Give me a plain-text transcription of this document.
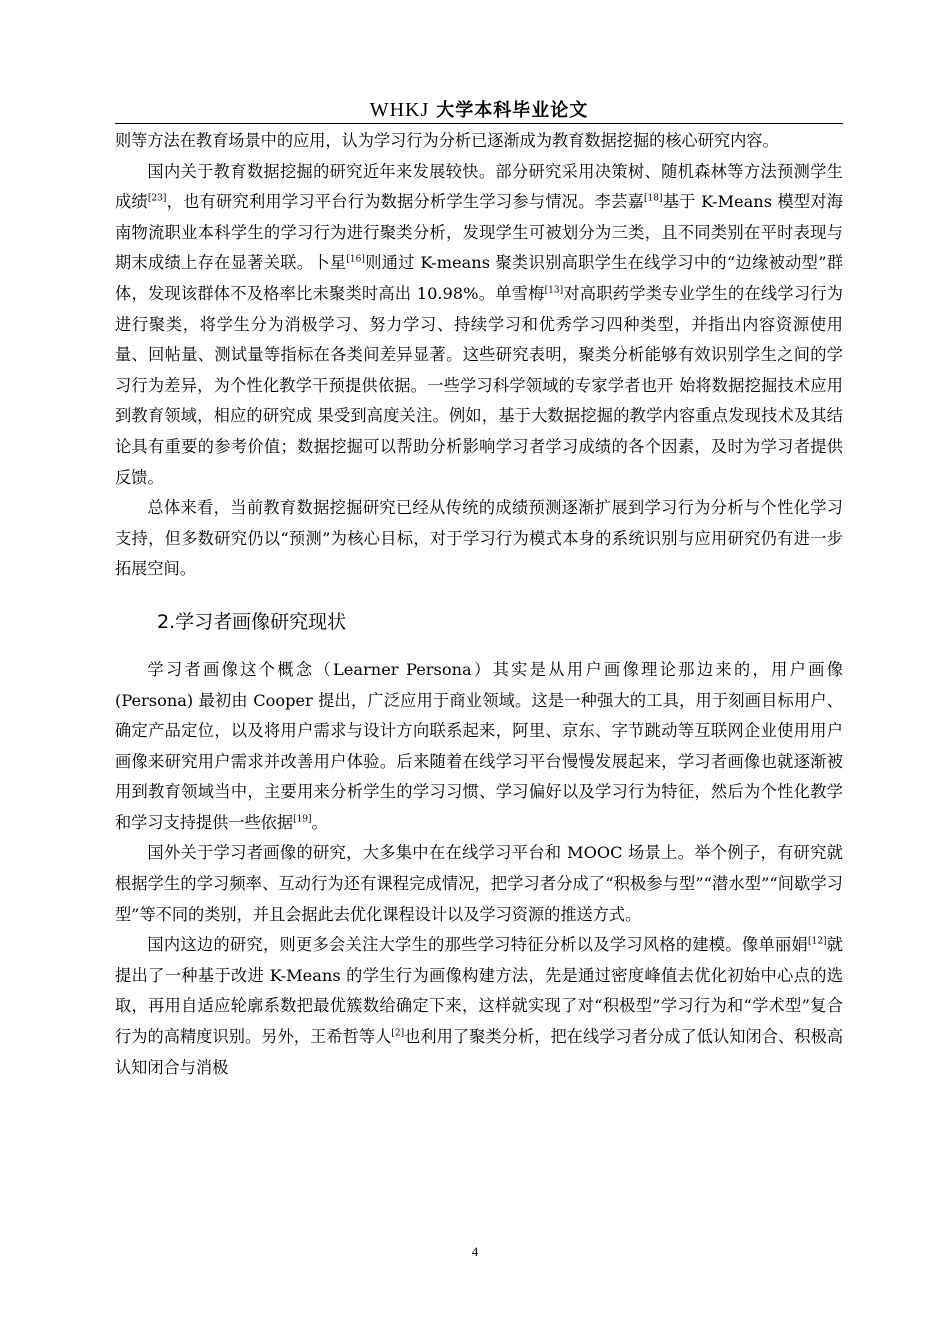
WHKJ 大学本科毕业论文

则等方法在教育场景中的应用，认为学习行为分析已逐渐成为教育数据挖掘的核心研究内容。

国内关于教育数据挖掘的研究近年来发展较快。部分研究采用决策树、随机森林等方法预测学生成绩[23]，也有研究利用学习平台行为数据分析学生学习参与情况。李芸嘉[18]基于 K-Means 模型对海南物流职业本科学生的学习行为进行聚类分析，发现学生可被划分为三类，且不同类别在平时表现与期末成绩上存在显著关联。卜星[16]则通过 K-means 聚类识别高职学生在线学习中的“边缘被动型”群体，发现该群体不及格率比未聚类时高出 10.98%。单雪梅[13]对高职药学类专业学生的在线学习行为进行聚类，将学生分为消极学习、努力学习、持续学习和优秀学习四种类型，并指出内容资源使用量、回帖量、测试量等指标在各类间差异显著。这些研究表明，聚类分析能够有效识别学生之间的学习行为差异，为个性化教学干预提供依据。一些学习科学领域的专家学者也开 始将数据挖掘技术应用到教育领域，相应的研究成 果受到高度关注。例如，基于大数据挖掘的教学内容重点发现技术及其结论具有重要的参考价值；数据挖掘可以帮助分析影响学习者学习成绩的各个因素，及时为学习者提供反馈。

总体来看，当前教育数据挖掘研究已经从传统的成绩预测逐渐扩展到学习行为分析与个性化学习支持，但多数研究仍以“预测”为核心目标，对于学习行为模式本身的系统识别与应用研究仍有进一步拓展空间。

2.学习者画像研究现状

学习者画像这个概念（Learner Persona）其实是从用户画像理论那边来的，用户画像(Persona) 最初由 Cooper 提出，广泛应用于商业领域。这是一种强大的工具，用于刻画目标用户、确定产品定位，以及将用户需求与设计方向联系起来，阿里、京东、字节跳动等互联网企业使用用户画像来研究用户需求并改善用户体验。后来随着在线学习平台慢慢发展起来，学习者画像也就逐渐被用到教育领域当中，主要用来分析学生的学习习惯、学习偏好以及学习行为特征，然后为个性化教学和学习支持提供一些依据[19]。

国外关于学习者画像的研究，大多集中在在线学习平台和 MOOC 场景上。举个例子，有研究就根据学生的学习频率、互动行为还有课程完成情况，把学习者分成了“积极参与型”“潜水型”“间歇学习型”等不同的类别，并且会据此去优化课程设计以及学习资源的推送方式。

国内这边的研究，则更多会关注大学生的那些学习特征分析以及学习风格的建模。像单丽娟[12]就提出了一种基于改进 K-Means 的学生行为画像构建方法，先是通过密度峰值去优化初始中心点的选取，再用自适应轮廓系数把最优簇数给确定下来，这样就实现了对“积极型”学习行为和“学术型”复合行为的高精度识别。另外，王希哲等人[2]也利用了聚类分析，把在线学习者分成了低认知闭合、积极高认知闭合与消极

4
